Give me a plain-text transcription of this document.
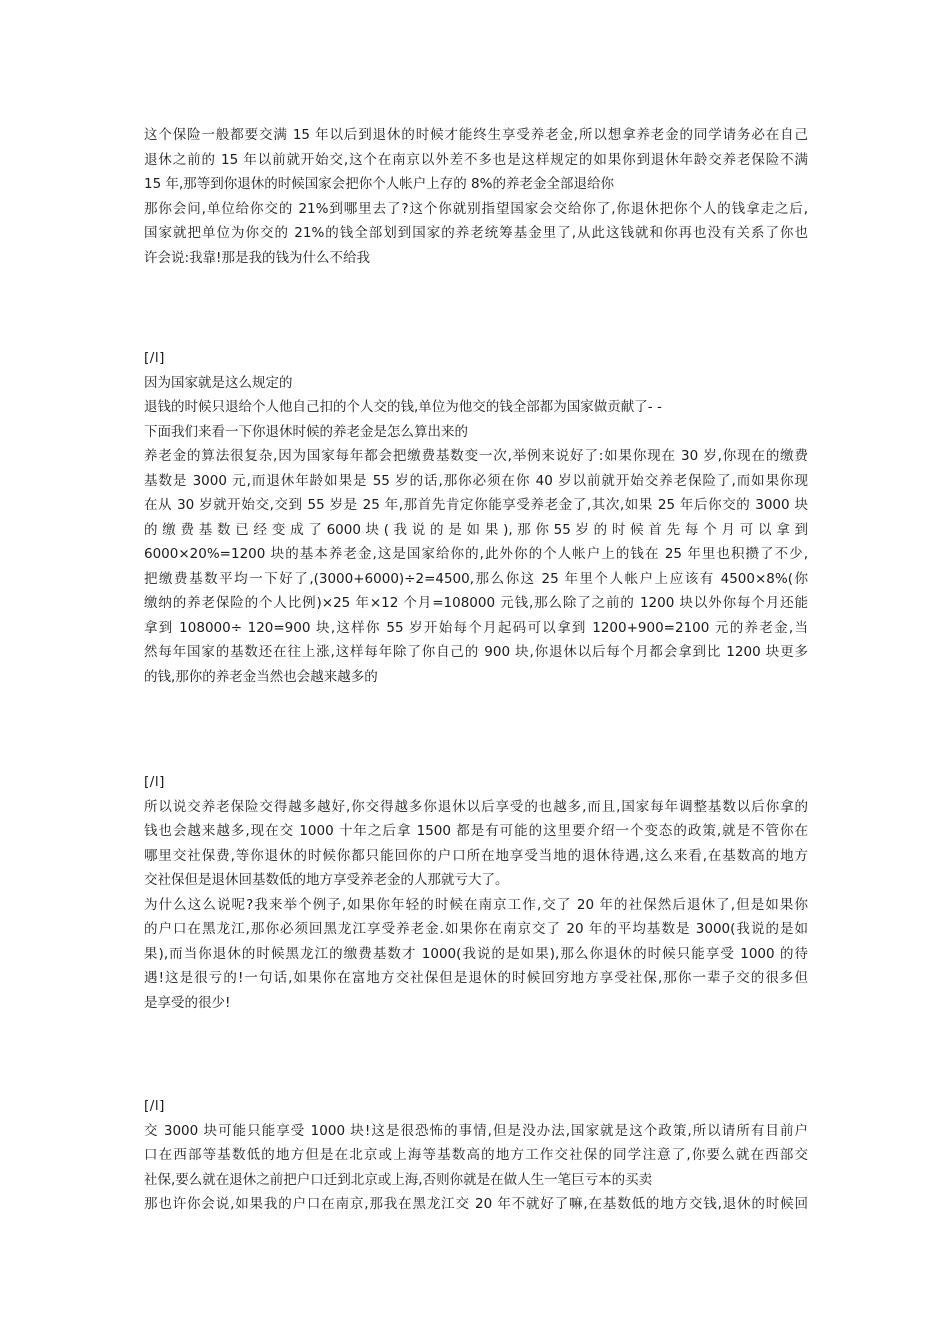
这个保险一般都要交满 15 年以后到退休的时候才能终生享受养老金,所以想拿养老金的同学请务必在自己

退休之前的 15 年以前就开始交,这个在南京以外差不多也是这样规定的如果你到退休年龄交养老保险不满

15 年,那等到你退休的时候国家会把你个人帐户上存的 8%的养老金全部退给你

那你会问,单位给你交的 21%到哪里去了?这个你就别指望国家会交给你了,你退休把你个人的钱拿走之后,

国家就把单位为你交的 21%的钱全部划到国家的养老统筹基金里了,从此这钱就和你再也没有关系了你也

许会说:我靠!那是我的钱为什么不给我

[/l]

因为国家就是这么规定的

退钱的时候只退给个人他自己扣的个人交的钱,单位为他交的钱全部都为国家做贡献了- -

下面我们来看一下你退休时候的养老金是怎么算出来的

养老金的算法很复杂,因为国家每年都会把缴费基数变一次,举例来说好了:如果你现在 30 岁,你现在的缴费

基数是 3000 元,而退休年龄如果是 55 岁的话,那你必须在你 40 岁以前就开始交养老保险了,而如果你现

在从 30 岁就开始交,交到 55 岁是 25 年,那首先肯定你能享受养老金了,其次,如果 25 年后你交的 3000 块

的 缴 费 基 数 已 经 变 成 了 6000 块 ( 我 说 的 是 如 果 ), 那 你 55 岁 的 时 候 首 先 每 个 月 可 以 拿 到

6000×20%=1200 块的基本养老金,这是国家给你的,此外你的个人帐户上的钱在 25 年里也积攒了不少,

把缴费基数平均一下好了,(3000+6000)÷2=4500,那么你这 25 年里个人帐户上应该有 4500×8%(你

缴纳的养老保险的个人比例)×25 年×12 个月=108000 元钱,那么除了之前的 1200 块以外你每个月还能

拿到 108000÷ 120=900 块,这样你 55 岁开始每个月起码可以拿到 1200+900=2100 元的养老金,当

然每年国家的基数还在往上涨,这样每年除了你自己的 900 块,你退休以后每个月都会拿到比 1200 块更多

的钱,那你的养老金当然也会越来越多的

[/l]

所以说交养老保险交得越多越好,你交得越多你退休以后享受的也越多,而且,国家每年调整基数以后你拿的

钱也会越来越多,现在交 1000 十年之后拿 1500 都是有可能的这里要介绍一个变态的政策,就是不管你在

哪里交社保费,等你退休的时候你都只能回你的户口所在地享受当地的退休待遇,这么来看,在基数高的地方

交社保但是退休回基数低的地方享受养老金的人那就亏大了。

为什么这么说呢?我来举个例子,如果你年轻的时候在南京工作,交了 20 年的社保然后退休了,但是如果你

的户口在黑龙江,那你必须回黑龙江享受养老金.如果你在南京交了 20 年的平均基数是 3000(我说的是如

果),而当你退休的时候黑龙江的缴费基数才 1000(我说的是如果),那么你退休的时候只能享受 1000 的待

遇!这是很亏的!一句话,如果你在富地方交社保但是退休的时候回穷地方享受社保,那你一辈子交的很多但

是享受的很少!

[/l]

交 3000 块可能只能享受 1000 块!这是很恐怖的事情,但是没办法,国家就是这个政策,所以请所有目前户

口在西部等基数低的地方但是在北京或上海等基数高的地方工作交社保的同学注意了,你要么就在西部交

社保,要么就在退休之前把户口迁到北京或上海,否则你就是在做人生一笔巨亏本的买卖

那也许你会说,如果我的户口在南京,那我在黑龙江交 20 年不就好了嘛,在基数低的地方交钱,退休的时候回
